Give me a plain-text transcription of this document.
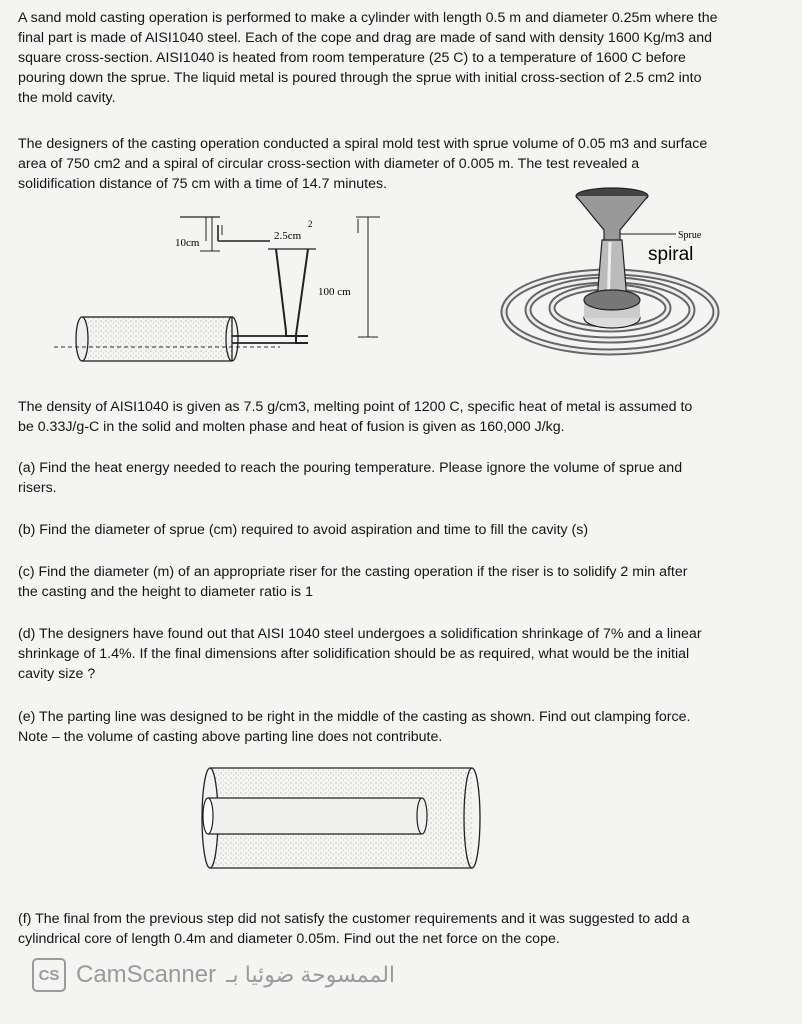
A sand mold casting operation is performed to make a cylinder with length 0.5 m and diameter 0.25m where the final part is made of AISI1040 steel. Each of the cope and drag are made of sand with density 1600 Kg/m3 and square cross-section. AISI1040 is heated from room temperature (25 C) to a temperature of 1600 C before pouring down the sprue. The liquid metal is poured through the sprue with initial cross-section of 2.5 cm2 into the mold cavity.
The designers of the casting operation conducted a spiral mold test with sprue volume of 0.05 m3 and surface area of 750 cm2 and a spiral of circular cross-section with diameter of 0.005 m. The test revealed a solidification distance of 75 cm with a time of 14.7 minutes.
10cm
2.5cm
2
100 cm
Sprue
spiral
The density of AISI1040 is given as 7.5 g/cm3, melting point of 1200 C, specific heat of metal is assumed to be 0.33J/g-C in the solid and molten phase and heat of fusion is given as 160,000 J/kg.
(a) Find the heat energy needed to reach the pouring temperature. Please ignore the volume of sprue and risers.
(b) Find the diameter of sprue (cm) required to avoid aspiration and time to fill the cavity (s)
(c) Find the diameter (m) of an appropriate riser for the casting operation if the riser is to solidify 2 min after the casting and the height to diameter ratio is 1
(d) The designers have found out that AISI 1040 steel undergoes a solidification shrinkage of 7% and a linear shrinkage of 1.4%. If the final dimensions after solidification should be as required, what would be the initial cavity size ?
(e) The parting line was designed to be right in the middle of the casting as shown. Find out clamping force. Note – the volume of casting above parting line does not contribute.
(f) The final from the previous step did not satisfy the customer requirements and it was suggested to add a cylindrical core of length 0.4m and diameter 0.05m. Find out the net force on the cope.
CS CamScanner الممسوحة ضوئيا بـ
